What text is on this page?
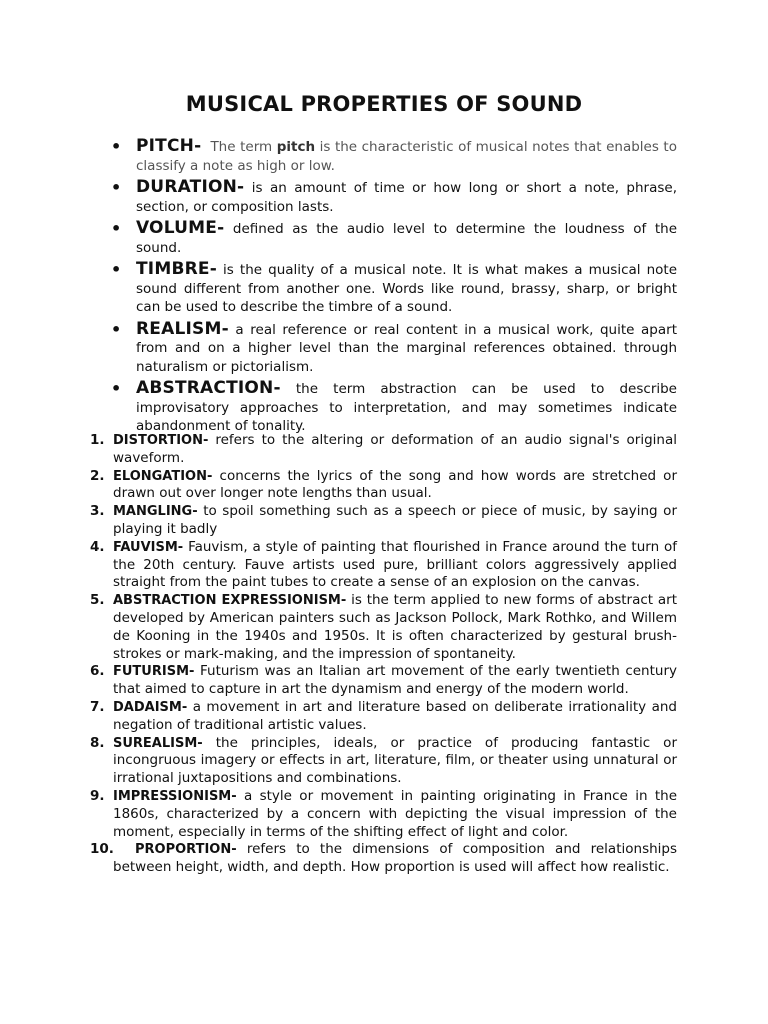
MUSICAL PROPERTIES OF SOUND
• PITCH- The term pitch is the characteristic of musical notes that enables to classify a note as high or low.
• DURATION- is an amount of time or how long or short a note, phrase, section, or composition lasts.
• VOLUME- defined as the audio level to determine the loudness of the sound.
• TIMBRE- is the quality of a musical note. It is what makes a musical note sound different from another one. Words like round, brassy, sharp, or bright can be used to describe the timbre of a sound.
• REALISM- a real reference or real content in a musical work, quite apart from and on a higher level than the marginal references obtained. through naturalism or pictorialism.
• ABSTRACTION- the term abstraction can be used to describe improvisatory approaches to interpretation, and may sometimes indicate abandonment of tonality.
1. DISTORTION- refers to the altering or deformation of an audio signal's original waveform.
2. ELONGATION- concerns the lyrics of the song and how words are stretched or drawn out over longer note lengths than usual.
3. MANGLING- to spoil something such as a speech or piece of music, by saying or playing it badly
4. FAUVISM- Fauvism, a style of painting that flourished in France around the turn of the 20th century. Fauve artists used pure, brilliant colors aggressively applied straight from the paint tubes to create a sense of an explosion on the canvas.
5. ABSTRACTION EXPRESSIONISM- is the term applied to new forms of abstract art developed by American painters such as Jackson Pollock, Mark Rothko, and Willem de Kooning in the 1940s and 1950s. It is often characterized by gestural brush-strokes or mark-making, and the impression of spontaneity.
6. FUTURISM- Futurism was an Italian art movement of the early twentieth century that aimed to capture in art the dynamism and energy of the modern world.
7. DADAISM- a movement in art and literature based on deliberate irrationality and negation of traditional artistic values.
8. SUREALISM- the principles, ideals, or practice of producing fantastic or incongruous imagery or effects in art, literature, film, or theater using unnatural or irrational juxtapositions and combinations.
9. IMPRESSIONISM- a style or movement in painting originating in France in the 1860s, characterized by a concern with depicting the visual impression of the moment, especially in terms of the shifting effect of light and color.
10. PROPORTION- refers to the dimensions of composition and relationships between height, width, and depth. How proportion is used will affect how realistic.
